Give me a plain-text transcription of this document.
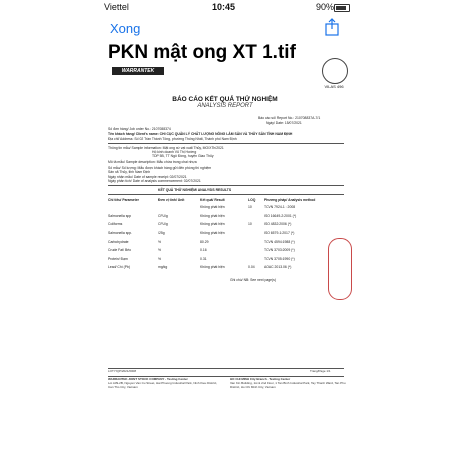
Viettel	10:45	90%
Xong
PKN mật ong XT 1.tif
WARRANTEK
VILAS 496
BÁO CÁO KẾT QUẢ THỬ NGHIỆM
ANALYSIS REPORT
Báo cáo số/ Report No.: 210708837A-7/1
Ngày/ Date: 15/07/2021
Số đơn hàng/ Job order No.: 2107088374
Tên khách hàng/ Client's name: CHI CỤC QUẢN LÝ CHẤT LƯỢNG NÔNG LÂM SẢN VÀ THỦY SẢN TỈNH NAM ĐỊNH
Địa chỉ/ Address: Số 02 Trần Thánh Tông, phường Thống Nhất, Thành phố Nam Định
Thông tin mẫu/ Sample information: Mật ong xứ vạt xuất Thủy, MO/XTh/2021
Hộ kinh doanh Vũ Thị Hường
TDP 5B, TT Ngô Đồng, huyện Giao Thủy
Mô tả mẫu/ Sample description: Mẫu chứa trong chai nhựa
Số mẫu/ Số lượng: Mẫu được khách hàng gửi đến phòng thí nghiệm
Sản xã Thủy, tỉnh Nam Định
Ngày nhận mẫu/ Date of sample receipt: 02/07/2021
Ngày phân tích/ Date of analysis commencement: 02/07/2021
KẾT QUẢ THỬ NGHIỆM/ ANALYSIS RESULTS
Chỉ tiêu/ Parameter	Đơn vị tính/ Unit	Kết quả/ Result	LOQ	Phương pháp/ Analysis method
		Không phát hiện	10	TCVN 7924-1 : 2008
Salmonella spp	CFU/g	Không phát hiện		ISO 16649-2:2001 (*)
Coliforms	CFU/g	Không phát hiện	10	ISO 4832:2006 (*)
Salmonella spp.	/25g	Không phát hiện		ISO 6579-1:2017 (*)
Carbohydrate	%	80.29		TCVN 4594:1988 (*)
Crude Fat/ Béo	%	0.16		TCVN 3703:2009 (*)
Protein/ Đạm	%	0.31		TCVN 3705:1990 (*)
Lead/ Chì (Pb)	mg/kg	Không phát hiện	0.04	AOAC 2013.06 (*)
Ghi chú/ NB: See next page(s)
LOTY/QP/2021/0008	Trang/Page 1/1
WARRANTEK JOINT STOCK COMPANY - Testing Center
Lot A39-2B, Nguyen Van Cu Street, Hai Phuong Industrial Park, Ninh Kieu District, Can Tho City, Vietnam
HO CHI MINH City Branch - Testing Center
Van Kin Building, 1st & 2nd Floor, 1 Tan Binh Industrial Park, Tay Thanh Ward, Tan Phu District, Ho Chi Minh City, Vietnam
